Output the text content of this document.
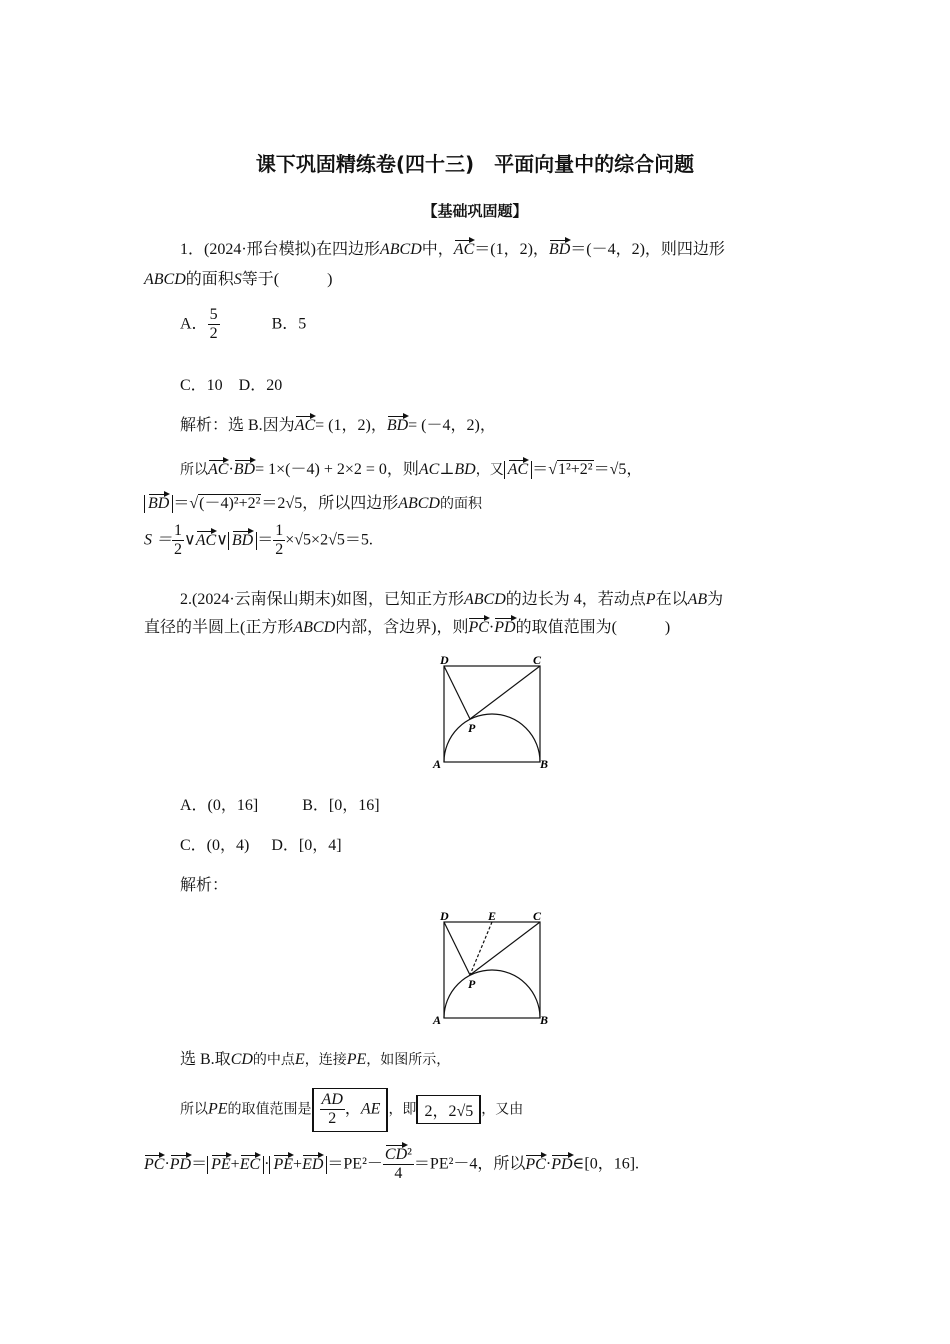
课下巩固精练卷(四十三)　平面向量中的综合问题
【基础巩固题】
1．(2024·邢台模拟)在四边形ABCD中，AC＝(1，2)，BD＝(－4，2)，则四边形
ABCD的面积S等于(　　　)
A． $\frac{5}{2}$	B．5
C．10　D．20
解析：选 B.因为AC= (1，2)，BD= (－4，2)，
所以AC·BD= 1×(－4) + 2×2 = 0，则AC⊥BD，又 AC ＝√1²+2²＝√5，
BD ＝√(－4)²+2²＝2√5，所以四边形ABCD的面积
$S = \frac{1}{2}$ ∨AC∨ BD ＝ $\frac{1}{2} \times√5\times 2√5=5$.
2.(2024·云南保山期末)如图，已知正方形ABCD的边长为 4，若动点P在以AB为
直径的半圆上(正方形ABCD内部，含边界)，则PC·PD的取值范围为(　　　)
D	C
P
A	B
A．(0，16]	B．[0，16]
C．(0，4) D．[0，4]
解析：
D	E	C
P
A	B
选 B.取CD的中点E，连接PE，如图所示，
所以PE的取值范围是 $\frac{AD}{2}$ ，AE ，即 2，2√5 ，又由
$PC\cdot PD= PE+EC \cdot PE+ED =PE^2- \frac{\text{CD²}}{4} =PE^2-4$，所以PC·PD∈[0，16].
